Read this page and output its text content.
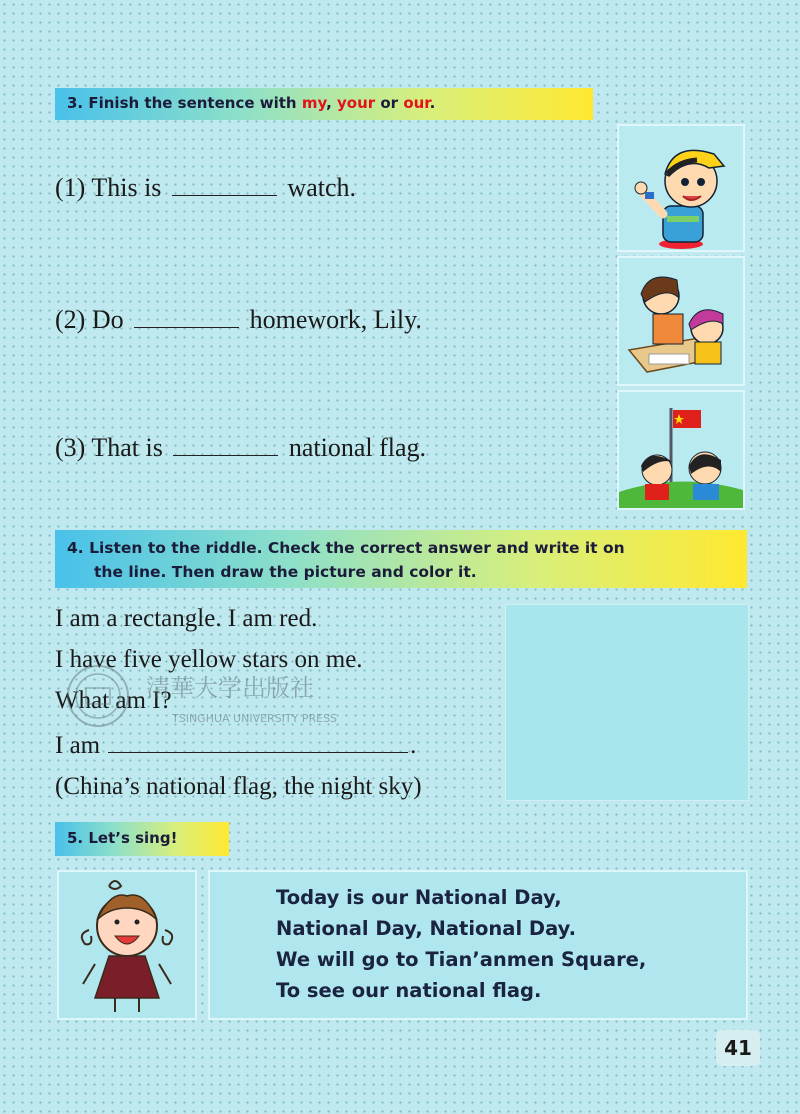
3. Finish the sentence with my, your or our.
(1) This is	watch.
(2) Do	homework, Lily.
(3) That is	national flag.
4. Listen to the riddle. Check the correct answer and write it on
the line. Then draw the picture and color it.
I am a rectangle. I am red.
I have five yellow stars on me.
What am I?
I am	.
(China’s national flag, the night sky)
清華大学出版社
TSINGHUA UNIVERSITY PRESS
5. Let’s sing!
Today is our National Day,
National Day, National Day.
We will go to Tian’anmen Square,
To see our national flag.
41
